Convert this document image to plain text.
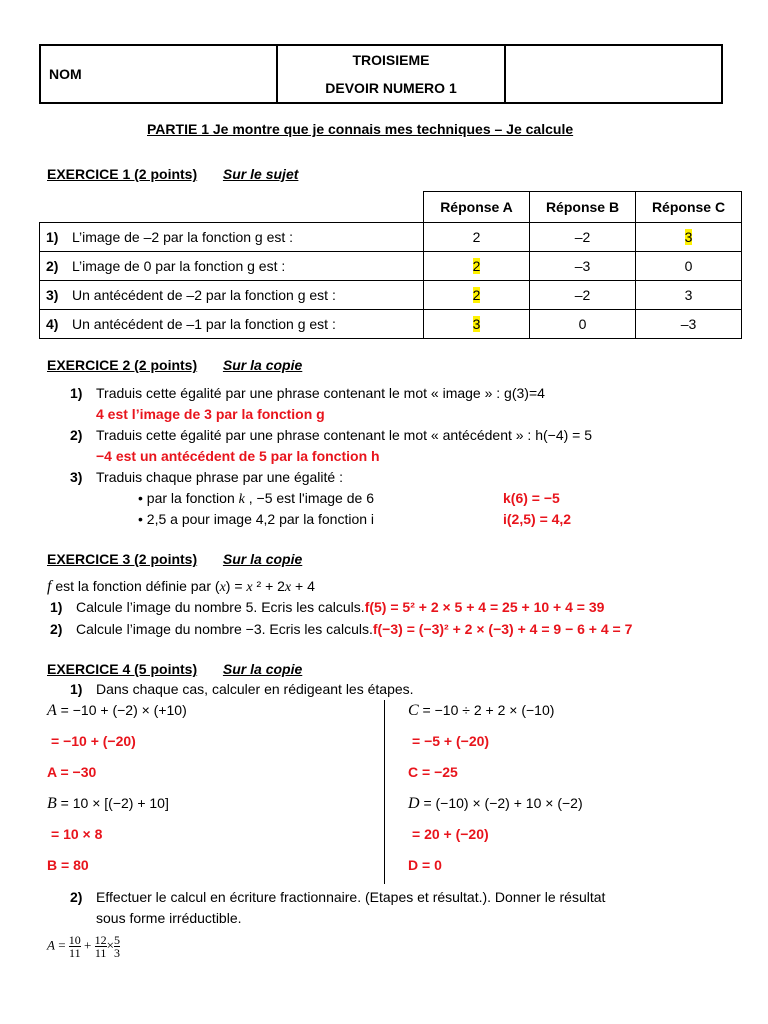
NOM	
TROISIEME
DEVOIR NUMERO 1

PARTIE 1 Je montre que je connais mes techniques – Je calcule
EXERCICE 1 (2 points) Sur le sujet
	Réponse A	Réponse B	Réponse C
1) L’image de –2 par la fonction g est :	2	–2	3
2) L’image de 0 par la fonction g est :	2	–3	0
3) Un antécédent de –2 par la fonction g est :	2	–2	3
4) Un antécédent de –1 par la fonction g est :	3	0	–3
EXERCICE 2 (2 points) Sur la copie
1) Traduis cette égalité par une phrase contenant le mot « image » : g(3)=4
4 est l’image de 3 par la fonction g
2) Traduis cette égalité par une phrase contenant le mot « antécédent » : h(−4) = 5
−4 est un antécédent de 5 par la fonction h
3) Traduis chaque phrase par une égalité :
• par la fonction k , −5 est l'image de 6	k(6) = −5
• 2,5 a pour image 4,2 par la fonction i	i(2,5) = 4,2
EXERCICE 3 (2 points) Sur la copie
f est la fonction définie par (x) = x ² + 2x + 4
1) Calcule l’image du nombre 5. Ecris les calculs.f(5) = 5² + 2 × 5 + 4 = 25 + 10 + 4 = 39
2) Calcule l’image du nombre −3. Ecris les calculs.f(−3) = (−3)² + 2 × (−3) + 4 = 9 − 6 + 4 = 7
EXERCICE 4 (5 points) Sur la copie
1) Dans chaque cas, calculer en rédigeant les étapes.
A = −10 + (−2) × (+10)
= −10 + (−20)
A = −30
B = 10 × [(−2) + 10]
= 10 × 8
B = 80
C = −10 ÷ 2 + 2 × (−10)
= −5 + (−20)
C = −25
D = (−10) × (−2) + 10 × (−2)
= 20 + (−20)
D = 0
2) Effectuer le calcul en écriture fractionnaire. (Etapes et résultat.). Donner le résultat
sous forme irréductible.
$A = \frac{10}{11} + \frac{12}{11} \times \frac{5}{3}$
